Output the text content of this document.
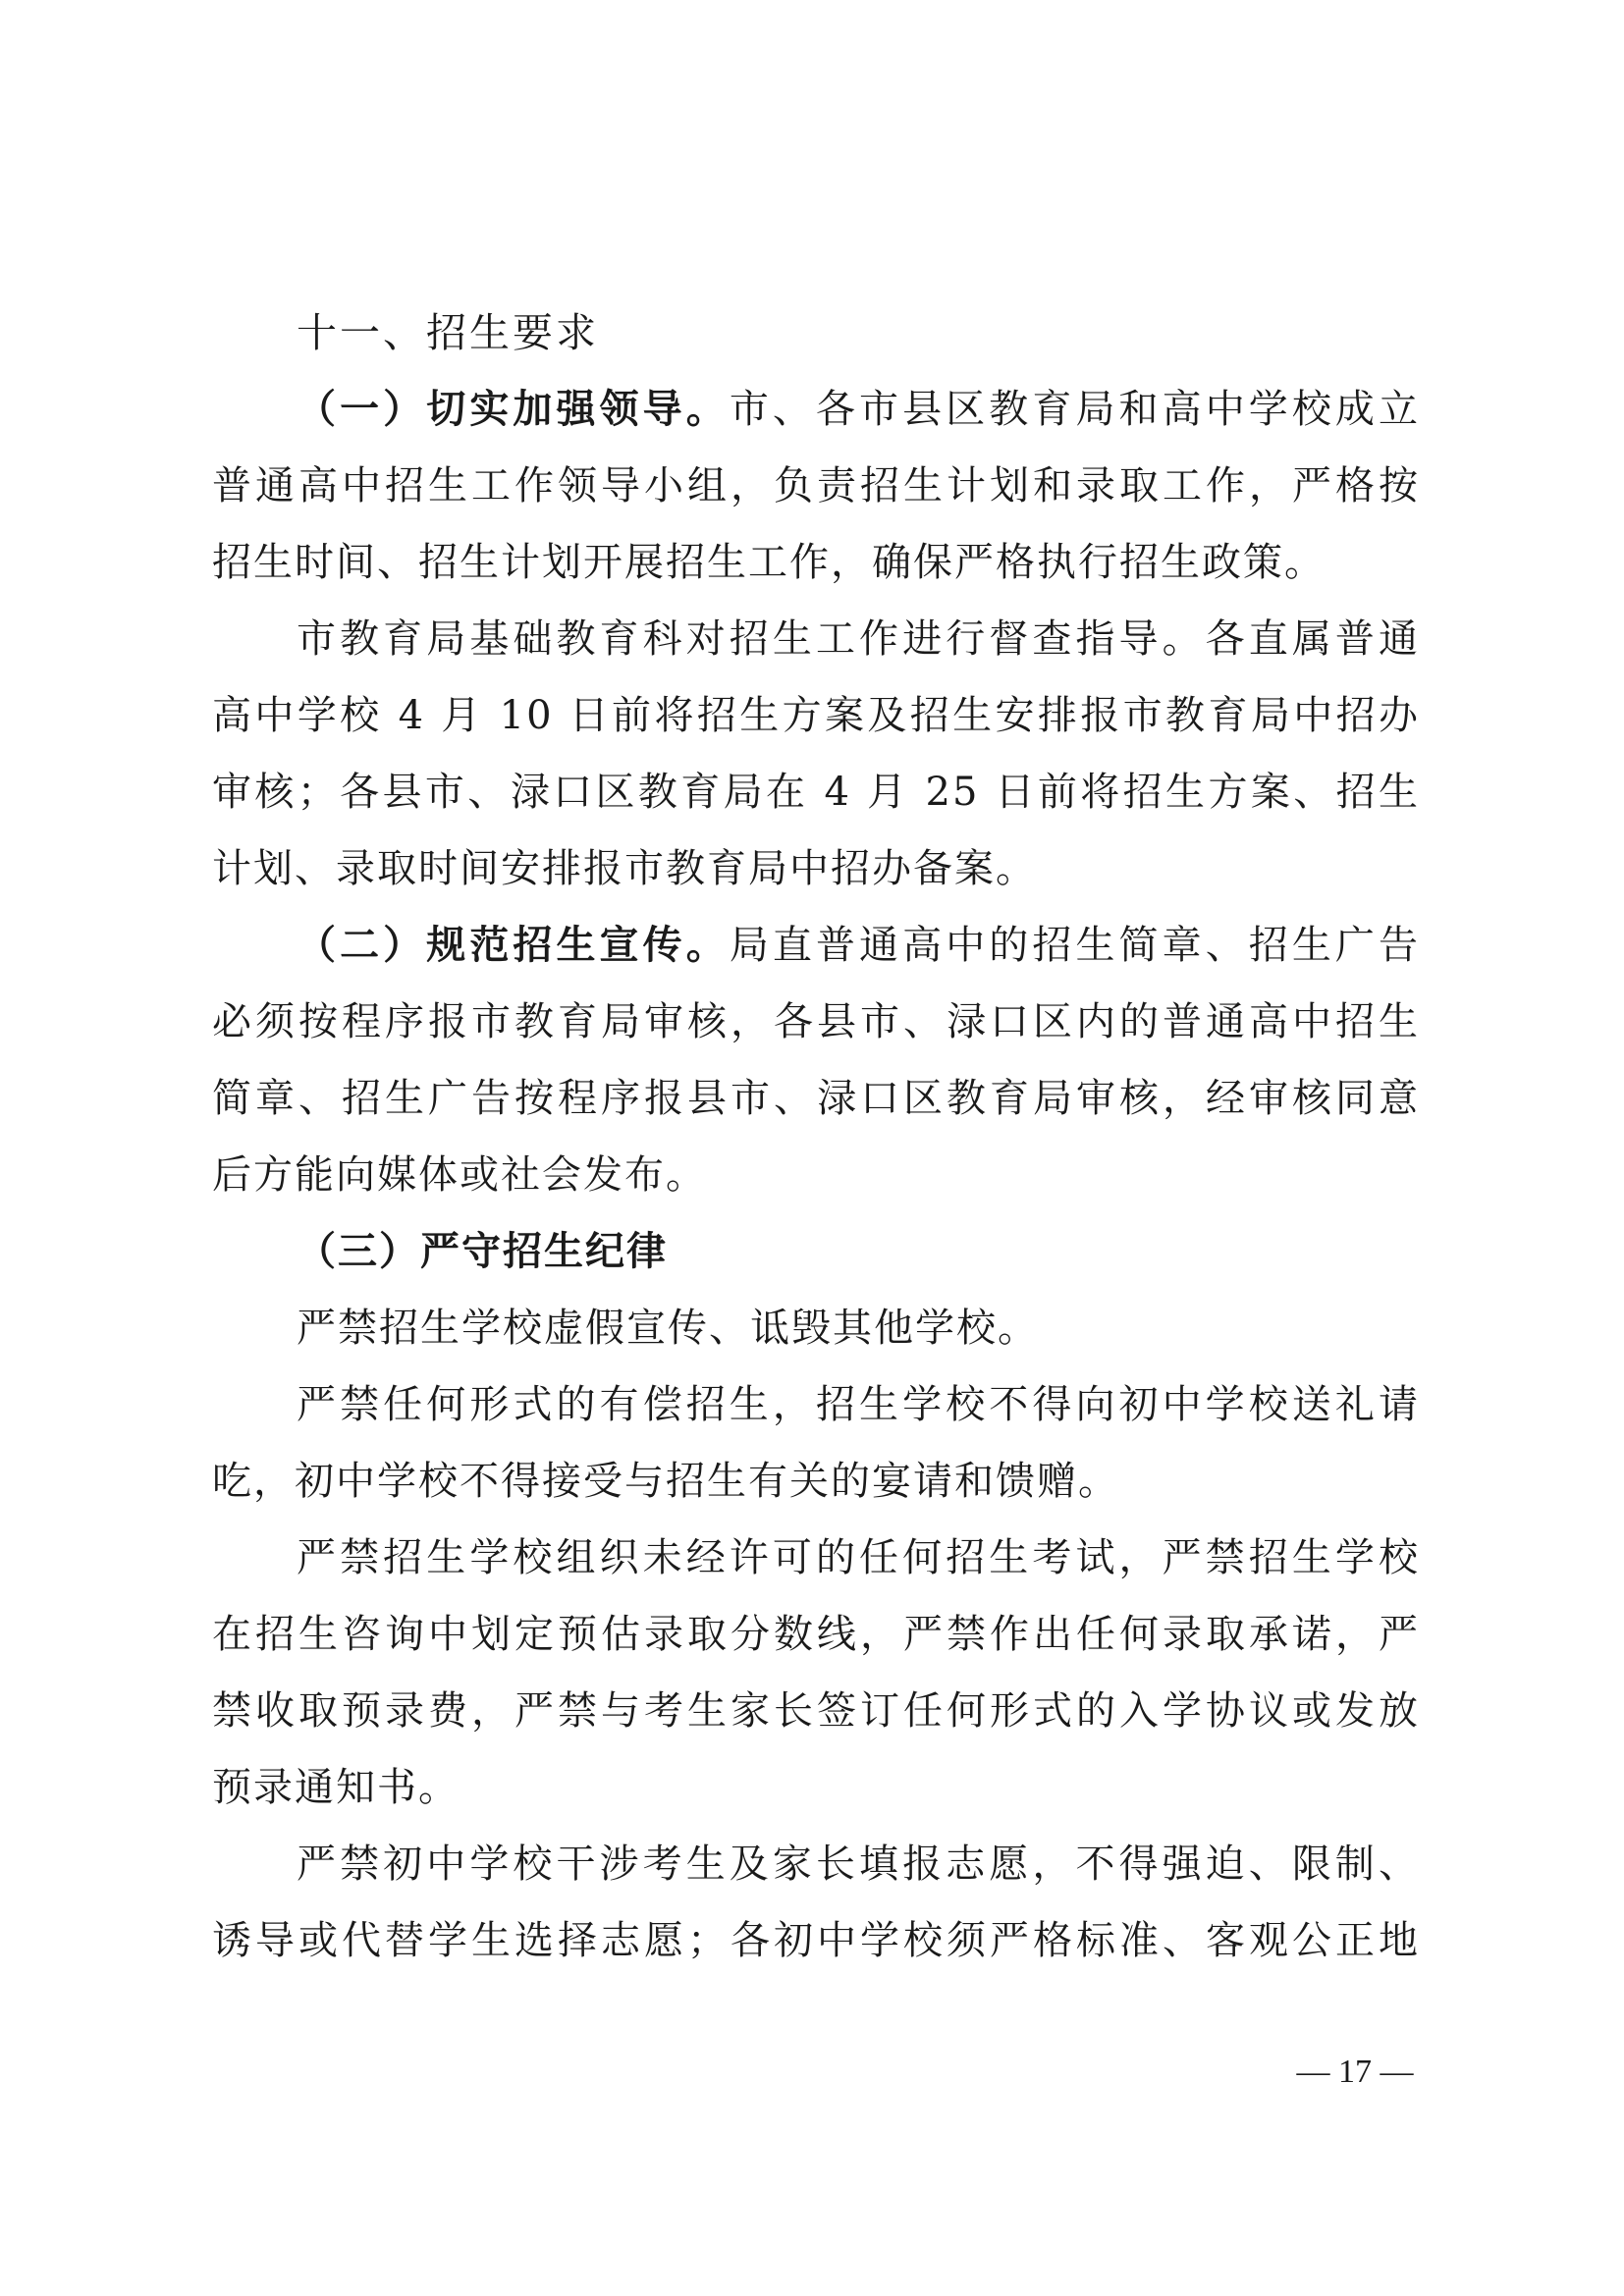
十一、招生要求
（一）切实加强领导。市、各市县区教育局和高中学校成立
普通高中招生工作领导小组，负责招生计划和录取工作，严格按
招生时间、招生计划开展招生工作，确保严格执行招生政策。
市教育局基础教育科对招生工作进行督查指导。各直属普通
高中学校 4 月 10 日前将招生方案及招生安排报市教育局中招办
审核；各县市、渌口区教育局在 4 月 25 日前将招生方案、招生
计划、录取时间安排报市教育局中招办备案。
（二）规范招生宣传。局直普通高中的招生简章、招生广告
必须按程序报市教育局审核，各县市、渌口区内的普通高中招生
简章、招生广告按程序报县市、渌口区教育局审核，经审核同意
后方能向媒体或社会发布。
（三）严守招生纪律
严禁招生学校虚假宣传、诋毁其他学校。
严禁任何形式的有偿招生，招生学校不得向初中学校送礼请
吃，初中学校不得接受与招生有关的宴请和馈赠。
严禁招生学校组织未经许可的任何招生考试，严禁招生学校
在招生咨询中划定预估录取分数线，严禁作出任何录取承诺，严
禁收取预录费，严禁与考生家长签订任何形式的入学协议或发放
预录通知书。
严禁初中学校干涉考生及家长填报志愿，不得强迫、限制、
诱导或代替学生选择志愿；各初中学校须严格标准、客观公正地
— 17 —
